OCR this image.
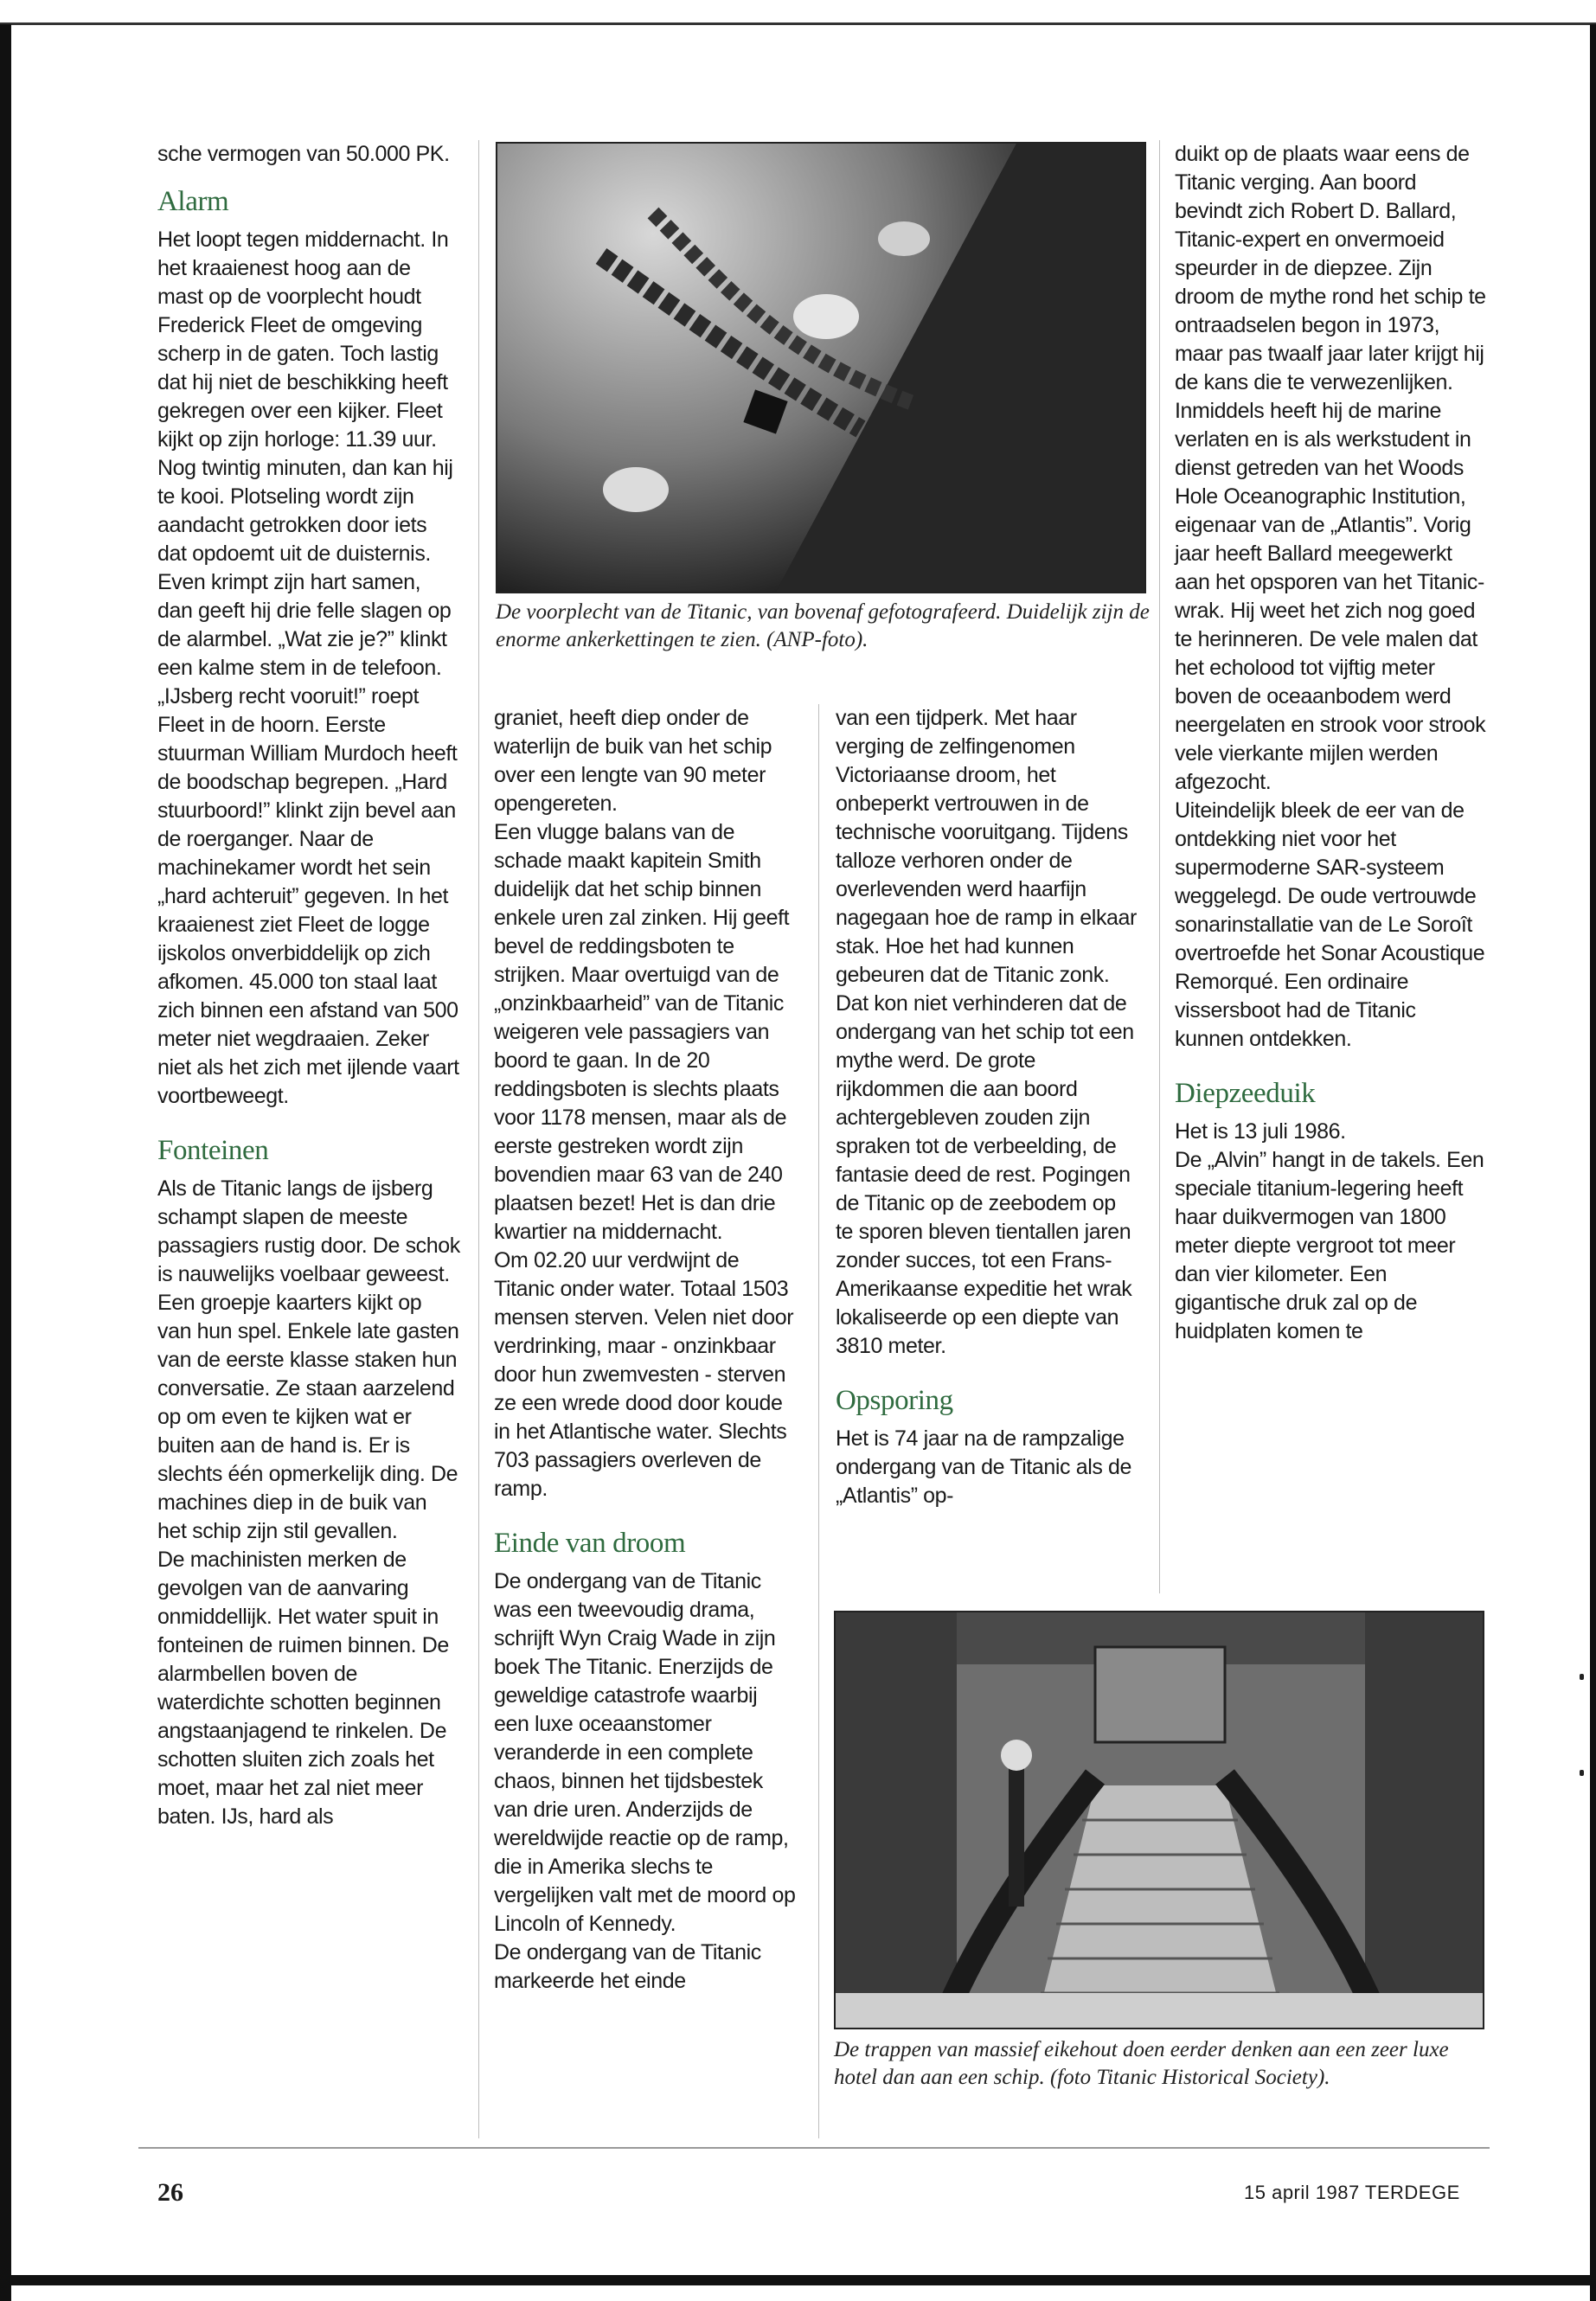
sche vermogen van 50.000 PK.

Alarm

Het loopt tegen middernacht. In het kraaienest hoog aan de mast op de voorplecht houdt Frederick Fleet de omgeving scherp in de gaten. Toch lastig dat hij niet de beschikking heeft gekregen over een kijker. Fleet kijkt op zijn horloge: 11.39 uur. Nog twintig minuten, dan kan hij te kooi. Plotseling wordt zijn aandacht getrokken door iets dat opdoemt uit de duisternis. Even krimpt zijn hart samen, dan geeft hij drie felle slagen op de alarmbel. „Wat zie je?” klinkt een kalme stem in de telefoon. „IJsberg recht vooruit!” roept Fleet in de hoorn. Eerste stuurman William Murdoch heeft de boodschap begrepen. „Hard stuurboord!” klinkt zijn bevel aan de roerganger. Naar de machinekamer wordt het sein „hard achteruit” gegeven. In het kraaienest ziet Fleet de logge ijskolos onverbiddelijk op zich afkomen. 45.000 ton staal laat zich binnen een afstand van 500 meter niet wegdraaien. Zeker niet als het zich met ijlende vaart voortbeweegt.

Fonteinen

Als de Titanic langs de ijsberg schampt slapen de meeste passagiers rustig door. De schok is nauwelijks voelbaar geweest. Een groepje kaarters kijkt op van hun spel. Enkele late gasten van de eerste klasse staken hun conversatie. Ze staan aarzelend op om even te kijken wat er buiten aan de hand is. Er is slechts één opmerkelijk ding. De machines diep in de buik van het schip zijn stil gevallen.

De machinisten merken de gevolgen van de aanvaring onmiddellijk. Het water spuit in fonteinen de ruimen binnen. De alarmbellen boven de waterdichte schotten beginnen angstaanjagend te rinkelen. De schotten sluiten zich zoals het moet, maar het zal niet meer baten. IJs, hard als

De voorplecht van de Titanic, van bovenaf gefotografeerd. Duidelijk zijn de enorme ankerkettingen te zien. (ANP-foto).

graniet, heeft diep onder de waterlijn de buik van het schip over een lengte van 90 meter opengereten.

Een vlugge balans van de schade maakt kapitein Smith duidelijk dat het schip binnen enkele uren zal zinken. Hij geeft bevel de reddingsboten te strijken. Maar overtuigd van de „onzinkbaarheid” van de Titanic weigeren vele passagiers van boord te gaan. In de 20 reddingsboten is slechts plaats voor 1178 mensen, maar als de eerste gestreken wordt zijn bovendien maar 63 van de 240 plaatsen bezet! Het is dan drie kwartier na middernacht.

Om 02.20 uur verdwijnt de Titanic onder water. Totaal 1503 mensen sterven. Velen niet door verdrinking, maar - onzinkbaar door hun zwemvesten - sterven ze een wrede dood door koude in het Atlantische water. Slechts 703 passagiers overleven de ramp.

Einde van droom

De ondergang van de Titanic was een tweevoudig drama, schrijft Wyn Craig Wade in zijn boek The Titanic. Enerzijds de geweldige catastrofe waarbij een luxe oceaanstomer veranderde in een complete chaos, binnen het tijdsbestek van drie uren. Anderzijds de wereldwijde reactie op de ramp, die in Amerika slechs te vergelijken valt met de moord op Lincoln of Kennedy.

De ondergang van de Titanic markeerde het einde

van een tijdperk. Met haar verging de zelfingenomen Victoriaanse droom, het onbeperkt vertrouwen in de technische vooruitgang. Tijdens talloze verhoren onder de overlevenden werd haarfijn nagegaan hoe de ramp in elkaar stak. Hoe het had kunnen gebeuren dat de Titanic zonk. Dat kon niet verhinderen dat de ondergang van het schip tot een mythe werd. De grote rijkdommen die aan boord achtergebleven zouden zijn spraken tot de verbeelding, de fantasie deed de rest. Pogingen de Titanic op de zeebodem op te sporen bleven tientallen jaren zonder succes, tot een Frans-Amerikaanse expeditie het wrak lokaliseerde op een diepte van 3810 meter.

Opsporing

Het is 74 jaar na de rampzalige ondergang van de Titanic als de „Atlantis” op-

duikt op de plaats waar eens de Titanic verging. Aan boord bevindt zich Robert D. Ballard, Titanic-expert en onvermoeid speurder in de diepzee. Zijn droom de mythe rond het schip te ontraadselen begon in 1973, maar pas twaalf jaar later krijgt hij de kans die te verwezenlijken. Inmiddels heeft hij de marine verlaten en is als werkstudent in dienst getreden van het Woods Hole Oceanographic Institution, eigenaar van de „Atlantis”. Vorig jaar heeft Ballard meegewerkt aan het opsporen van het Titanic-wrak. Hij weet het zich nog goed te herinneren. De vele malen dat het echolood tot vijftig meter boven de oceaanbodem werd neergelaten en strook voor strook vele vierkante mijlen werden afgezocht.

Uiteindelijk bleek de eer van de ontdekking niet voor het supermoderne SAR-systeem weggelegd. De oude vertrouwde sonarinstallatie van de Le Soroît overtroefde het Sonar Acoustique Remorqué. Een ordinaire vissersboot had de Titanic kunnen ontdekken.

Diepzeeduik

Het is 13 juli 1986.

De „Alvin” hangt in de takels. Een speciale titanium-legering heeft haar duikvermogen van 1800 meter diepte vergroot tot meer dan vier kilometer. Een gigantische druk zal op de huidplaten komen te

De trappen van massief eikehout doen eerder denken aan een zeer luxe hotel dan aan een schip. (foto Titanic Historical Society).
26	15 april 1987 TERDEGE
